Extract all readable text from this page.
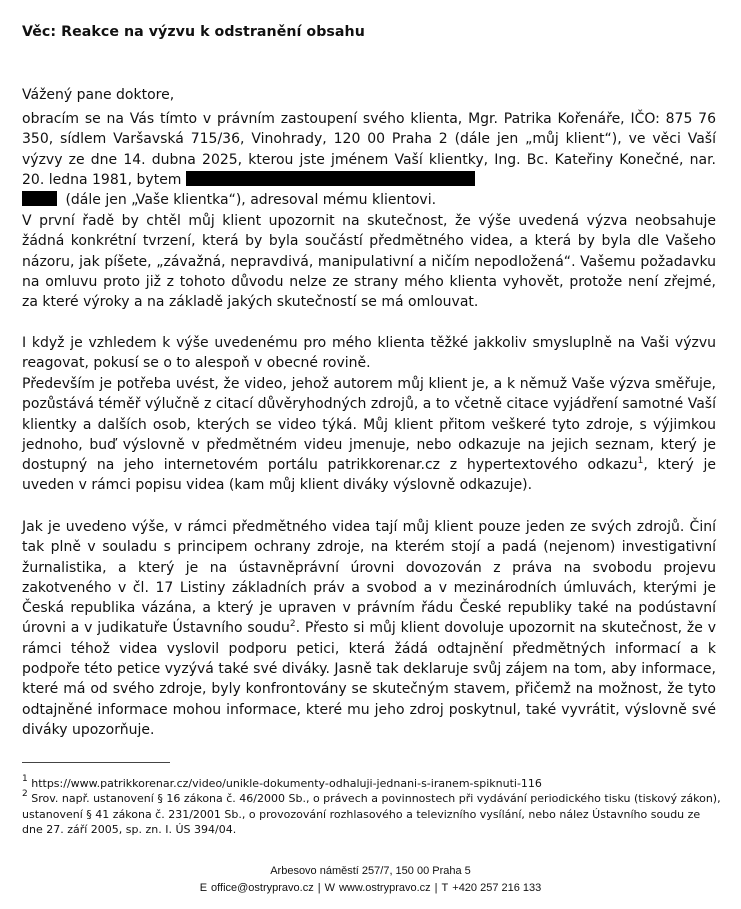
Věc: Reakce na výzvu k odstranění obsahu

Vážený pane doktore,

obracím se na Vás tímto v právním zastoupení svého klienta, Mgr. Patrika Kořenáře, IČO: 875 76 350, sídlem Varšavská 715/36, Vinohrady, 120 00 Praha 2 (dále jen „můj klient“), ve věci Vaší výzvy ze dne 14. dubna 2025, kterou jste jménem Vaší klientky, Ing. Bc. Kateřiny Konečné, nar. 20. ledna 1981, bytem
(dále jen „Vaše klientka“), adresoval mému klientovi.

V první řadě by chtěl můj klient upozornit na skutečnost, že výše uvedená výzva neobsahuje žádná konkrétní tvrzení, která by byla součástí předmětného videa, a která by byla dle Vašeho názoru, jak píšete, „závažná, nepravdivá, manipulativní a ničím nepodložená“. Vašemu požadavku na omluvu proto již z tohoto důvodu nelze ze strany mého klienta vyhovět, protože není zřejmé, za které výroky a na základě jakých skutečností se má omlouvat.

I když je vzhledem k výše uvedenému pro mého klienta těžké jakkoliv smysluplně na Vaši výzvu reagovat, pokusí se o to alespoň v obecné rovině.

Především je potřeba uvést, že video, jehož autorem můj klient je, a k němuž Vaše výzva směřuje, pozůstává téměř výlučně z citací důvěryhodných zdrojů, a to včetně citace vyjádření samotné Vaší klientky a dalších osob, kterých se video týká. Můj klient přitom veškeré tyto zdroje, s výjimkou jednoho, buď výslovně v předmětném videu jmenuje, nebo odkazuje na jejich seznam, který je dostupný na jeho internetovém portálu patrikkorenar.cz z hypertextového odkazu$^1$, který je uveden v rámci popisu videa (kam můj klient diváky výslovně odkazuje).

Jak je uvedeno výše, v rámci předmětného videa tají můj klient pouze jeden ze svých zdrojů. Činí tak plně v souladu s principem ochrany zdroje, na kterém stojí a padá (nejenom) investigativní žurnalistika, a který je na ústavněprávní úrovni dovozován z práva na svobodu projevu zakotveného v čl. 17 Listiny základních práv a svobod a v mezinárodních úmluvách, kterými je Česká republika vázána, a který je upraven v právním řádu České republiky také na podústavní úrovni a v judikatuře Ústavního soudu$^2$. Přesto si můj klient dovoluje upozornit na skutečnost, že v rámci téhož videa vyslovil podporu petici, která žádá odtajnění předmětných informací a k podpoře této petice vyzývá také své diváky. Jasně tak deklaruje svůj zájem na tom, aby informace, které má od svého zdroje, byly konfrontovány se skutečným stavem, přičemž na možnost, že tyto odtajněné informace mohou informace, které mu jeho zdroj poskytnul, také vyvrátit, výslovně své diváky upozorňuje.

$^1$ https://www.patrikkorenar.cz/video/unikle-dokumenty-odhaluji-jednani-s-iranem-spiknuti-116

$^2$ Srov. např. ustanovení § 16 zákona č. 46/2000 Sb., o právech a povinnostech při vydávání periodického tisku (tiskový zákon), ustanovení § 41 zákona č. 231/2001 Sb., o provozování rozhlasového a televizního vysílání, nebo nález Ústavního soudu ze dne 27. září 2005, sp. zn. I. ÚS 394/04.

Arbesovo náměstí 257/7, 150 00 Praha 5
E office@ostrypravo.cz | W www.ostrypravo.cz | T +420 257 216 133
